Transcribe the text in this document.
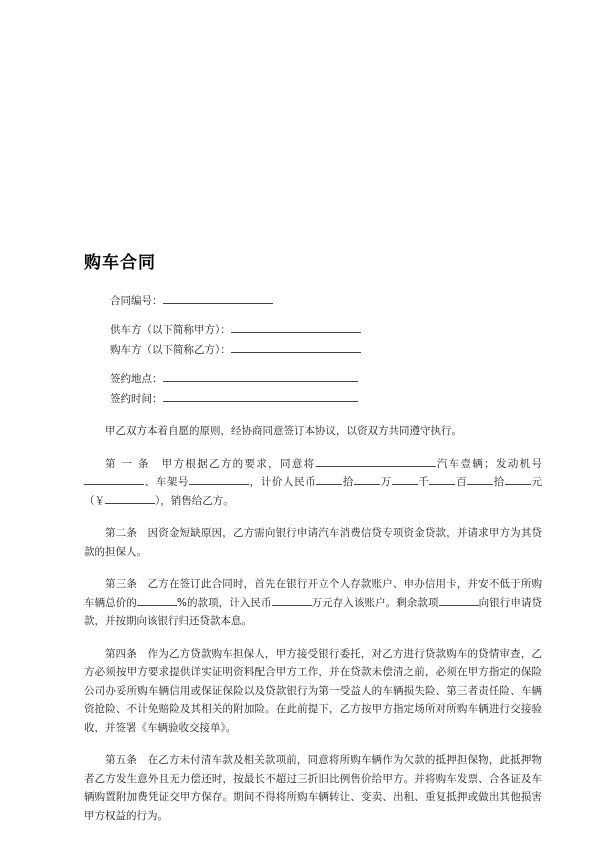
购车合同
合同编号：
供车方（以下简称甲方）：
购车方（以下简称乙方）：
签约地点：
签约时间：

甲乙双方本着自愿的原则，经协商同意签订本协议，以资双方共同遵守执行。

第 一 条　甲方根据乙方的要求，同意将	汽车壹辆；发动机号、车架号	，计价人民币 拾 万 千 百 拾 元（￥	），销售给乙方。

第二条　因资金短缺原因，乙方需向银行申请汽车消费信贷专项资金贷款，并请求甲方为其贷款的担保人。

第三条　乙方在签订此合同时，首先在银行开立个人存款账户、申办信用卡，并安不低于所购车辆总价的	%的款项，计入民币	万元存入该账户。剩余款项	向银行申请贷款，并按期向该银行归还贷款本息。

第四条　作为乙方贷款购车担保人，甲方接受银行委托，对乙方进行贷款购车的贷情审查，乙方必须按甲方要求提供详实证明资料配合甲方工作，并在贷款未偿清之前，必须在甲方指定的保险公司办妥所购车辆信用或保证保险以及贷款银行为第一受益人的车辆损失险、第三者责任险、车辆资抢险、不计免赔险及其相关的附加险。在此前提下，乙方按甲方指定场所对所购车辆进行交接验收，并签署《车辆验收交接单》。

第五条　在乙方未付清车款及相关款项前，同意将所购车辆作为欠款的抵押担保物，此抵押物者乙方发生意外且无力偿还时，按最长不超过三折旧比例售价给甲方。并将购车发票、合各证及车辆购置附加费凭证交甲方保存。期间不得将所购车辆转让、变卖、出租、重复抵押或做出其他损害甲方权益的行为。
